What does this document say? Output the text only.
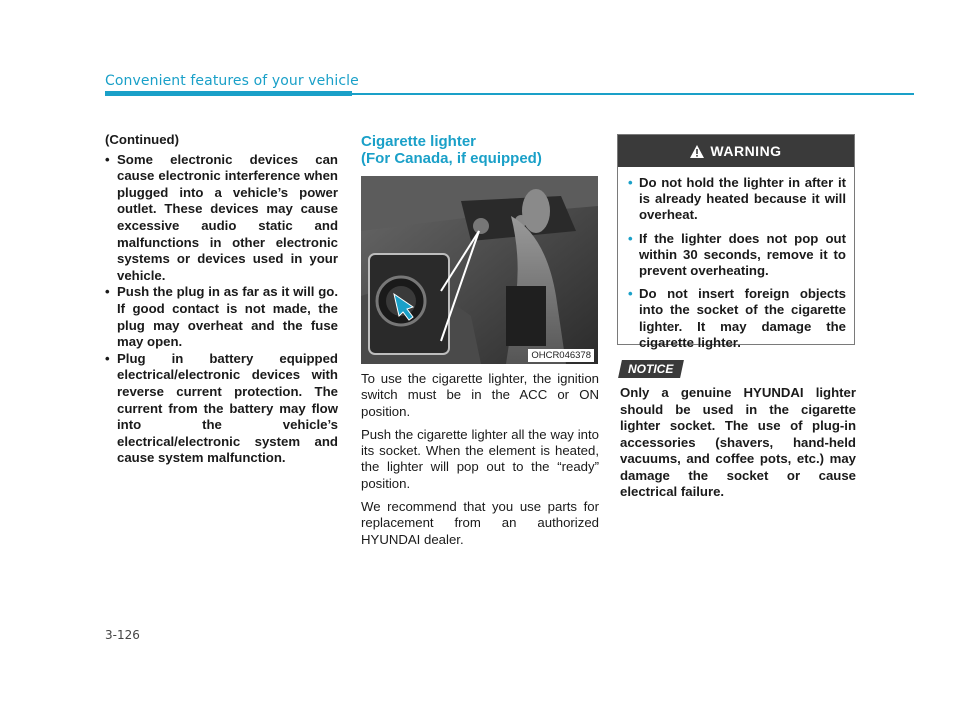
Convenient features of your vehicle
(Continued)
• Some electronic devices can cause electronic interference when plugged into a vehicle’s power outlet. These devices may cause excessive audio static and malfunctions in other electronic systems or devices used in your vehicle.
• Push the plug in as far as it will go. If good contact is not made, the plug may overheat and the fuse may open.
• Plug in battery equipped electrical/electronic devices with reverse current protection. The current from the battery may flow into the vehicle’s electrical/electronic system and cause system malfunction.
Cigarette lighter
(For Canada, if equipped)
OHCR046378

To use the cigarette lighter, the ignition switch must be in the ACC or ON position.

Push the cigarette lighter all the way into its socket. When the element is heated, the lighter will pop out to the “ready” position.

We recommend that you use parts for replacement from an authorized HYUNDAI dealer.

WARNING
• Do not hold the lighter in after it is already heated because it will overheat.
• If the lighter does not pop out within 30 seconds, remove it to prevent overheating.
• Do not insert foreign objects into the socket of the cigarette lighter. It may damage the cigarette lighter.
NOTICE
Only a genuine HYUNDAI lighter should be used in the cigarette lighter socket. The use of plug-in accessories (shavers, hand-held vacuums, and coffee pots, etc.) may damage the socket or cause electrical failure.
3-126
